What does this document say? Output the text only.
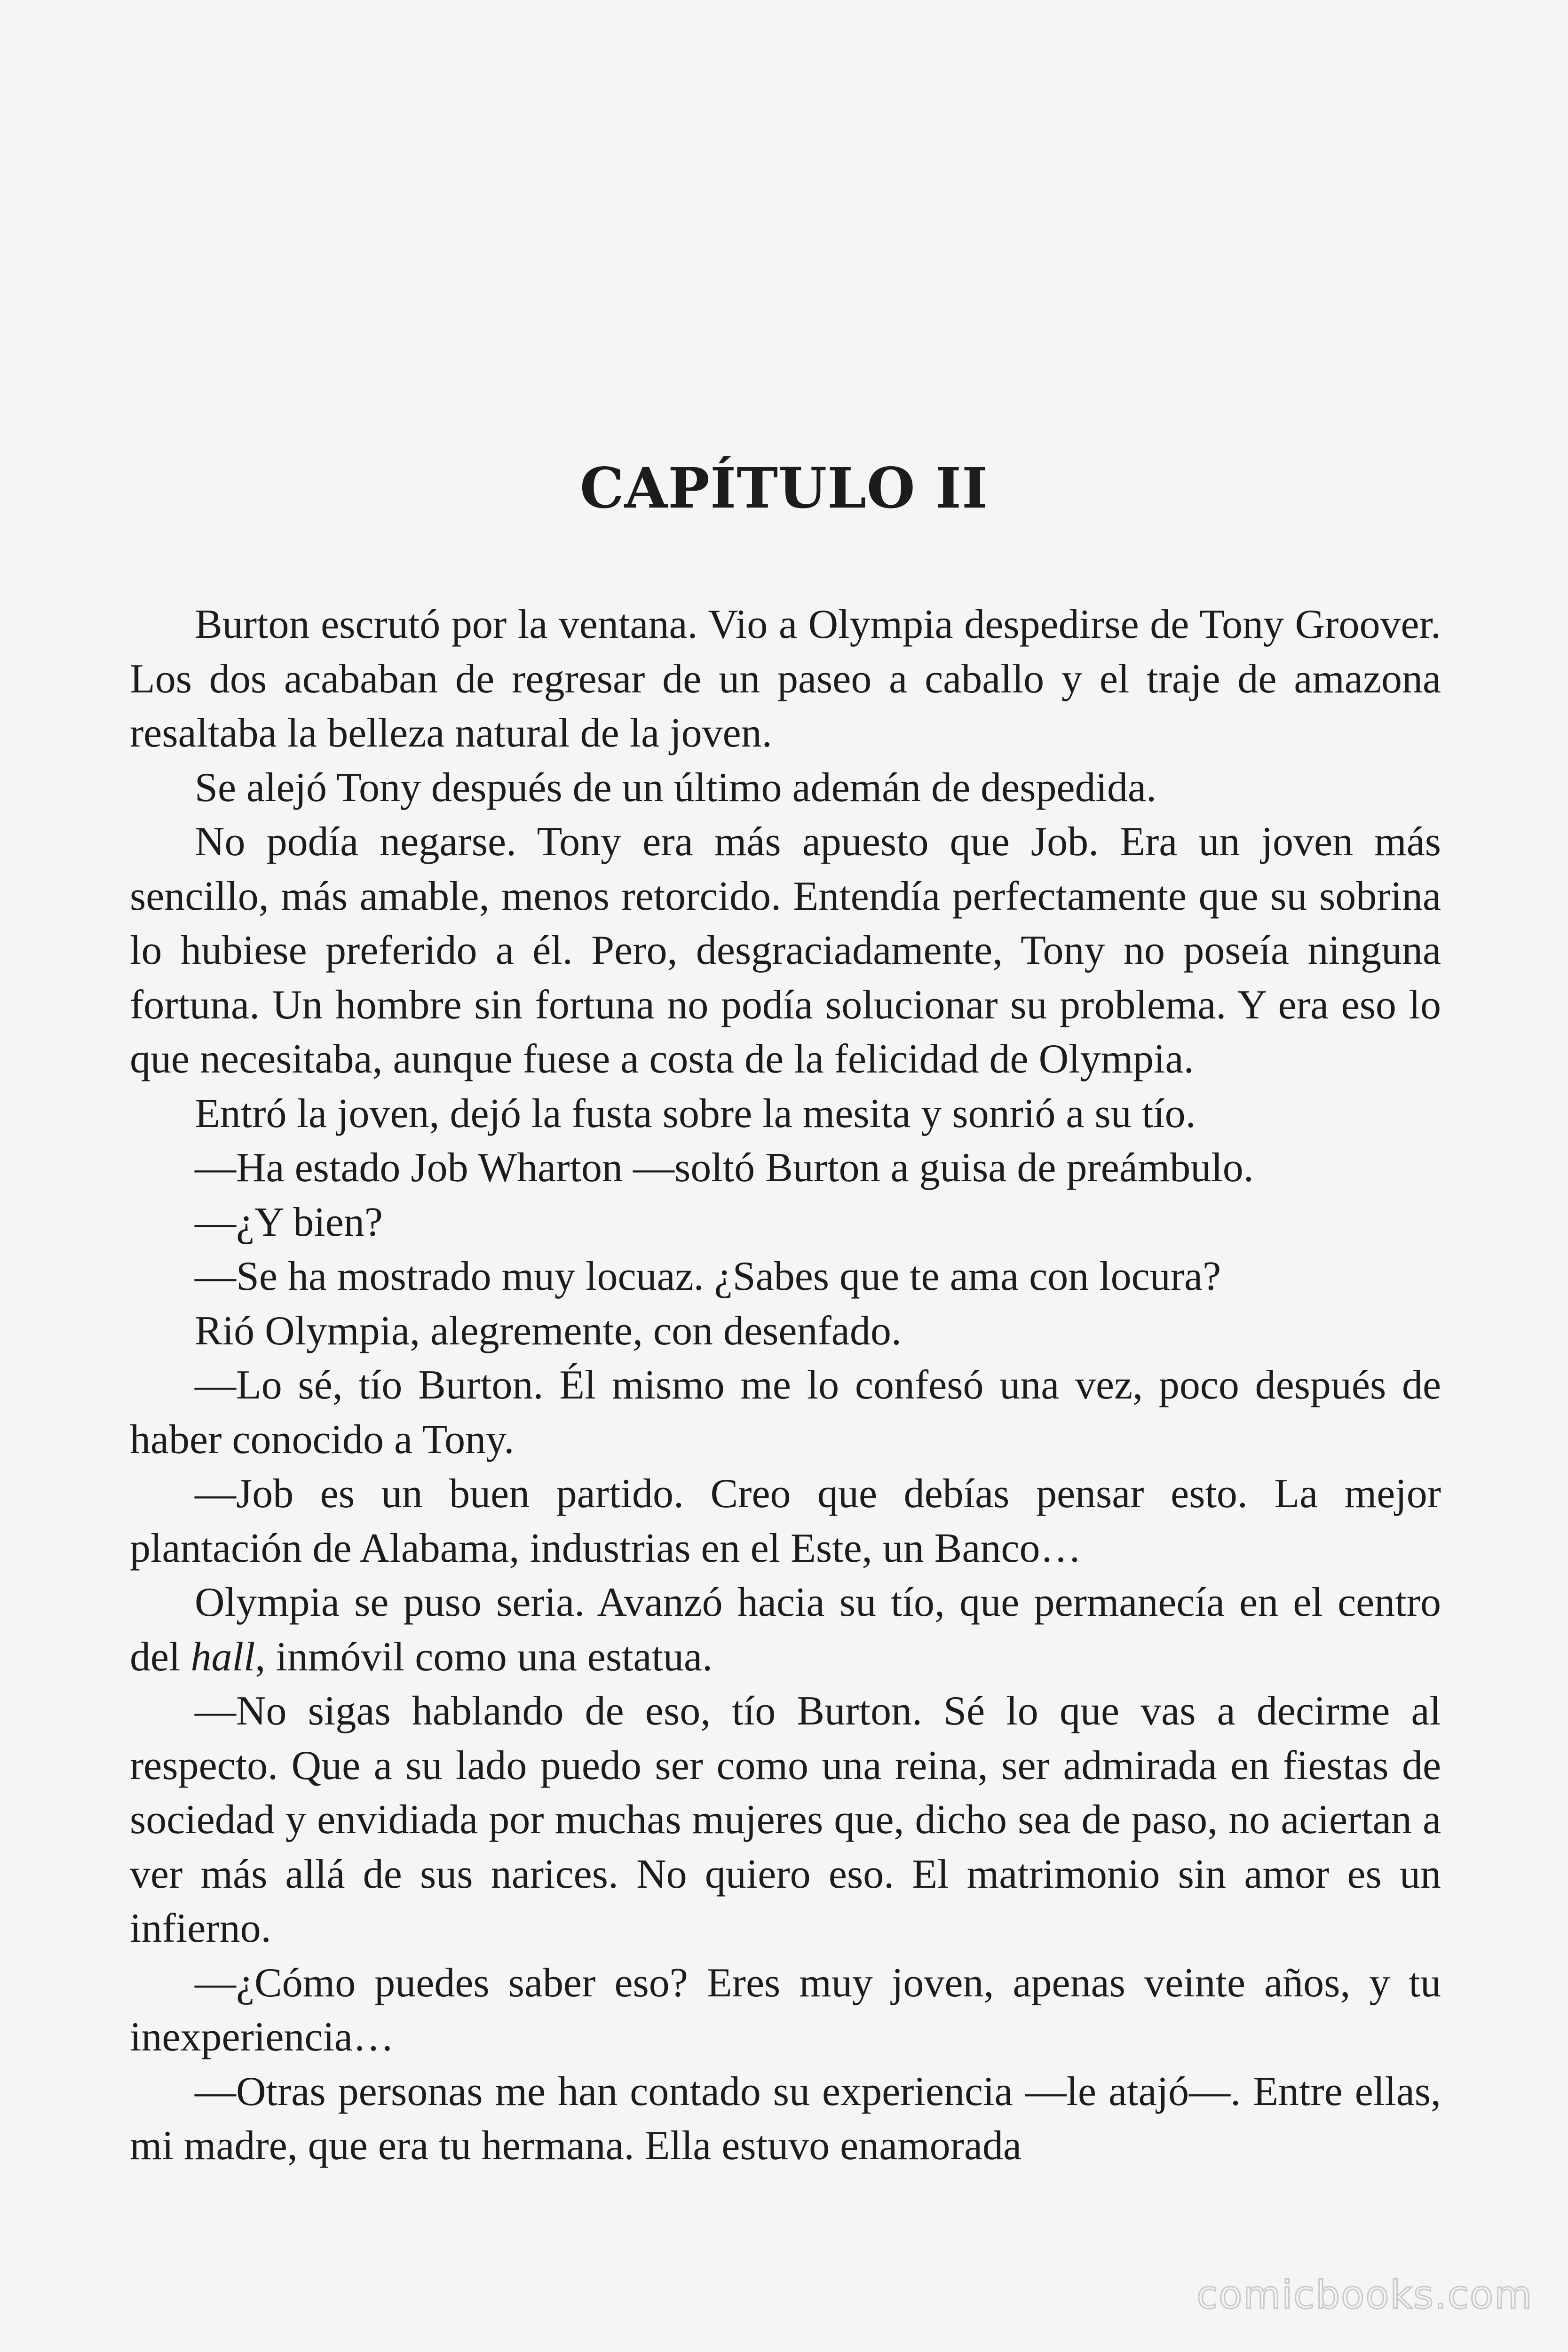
CAPÍTULO II

Burton escrutó por la ventana. Vio a Olympia despedirse de Tony Groover. Los dos acababan de regresar de un paseo a caballo y el traje de amazona resaltaba la belleza natural de la joven.

Se alejó Tony después de un último ademán de despedida.

No podía negarse. Tony era más apuesto que Job. Era un joven más sencillo, más amable, menos retorcido. Entendía perfectamente que su sobrina lo hubiese preferido a él. Pero, desgraciadamente, Tony no poseía ninguna fortuna. Un hombre sin fortuna no podía solucionar su problema. Y era eso lo que necesitaba, aunque fuese a costa de la felicidad de Olympia.

Entró la joven, dejó la fusta sobre la mesita y sonrió a su tío.

—Ha estado Job Wharton —soltó Burton a guisa de preámbulo.

—¿Y bien?

—Se ha mostrado muy locuaz. ¿Sabes que te ama con locura?

Rió Olympia, alegremente, con desenfado.

—Lo sé, tío Burton. Él mismo me lo confesó una vez, poco después de haber conocido a Tony.

—Job es un buen partido. Creo que debías pensar esto. La mejor plantación de Alabama, industrias en el Este, un Banco…

Olympia se puso seria. Avanzó hacia su tío, que permanecía en el centro del hall, inmóvil como una estatua.

—No sigas hablando de eso, tío Burton. Sé lo que vas a decirme al respecto. Que a su lado puedo ser como una reina, ser admirada en fiestas de sociedad y envidiada por muchas mujeres que, dicho sea de paso, no aciertan a ver más allá de sus narices. No quiero eso. El matrimonio sin amor es un infierno.

—¿Cómo puedes saber eso? Eres muy joven, apenas veinte años, y tu inexperiencia…

—Otras personas me han contado su experiencia —le atajó—. Entre ellas, mi madre, que era tu hermana. Ella estuvo enamorada

comicbooks.com
